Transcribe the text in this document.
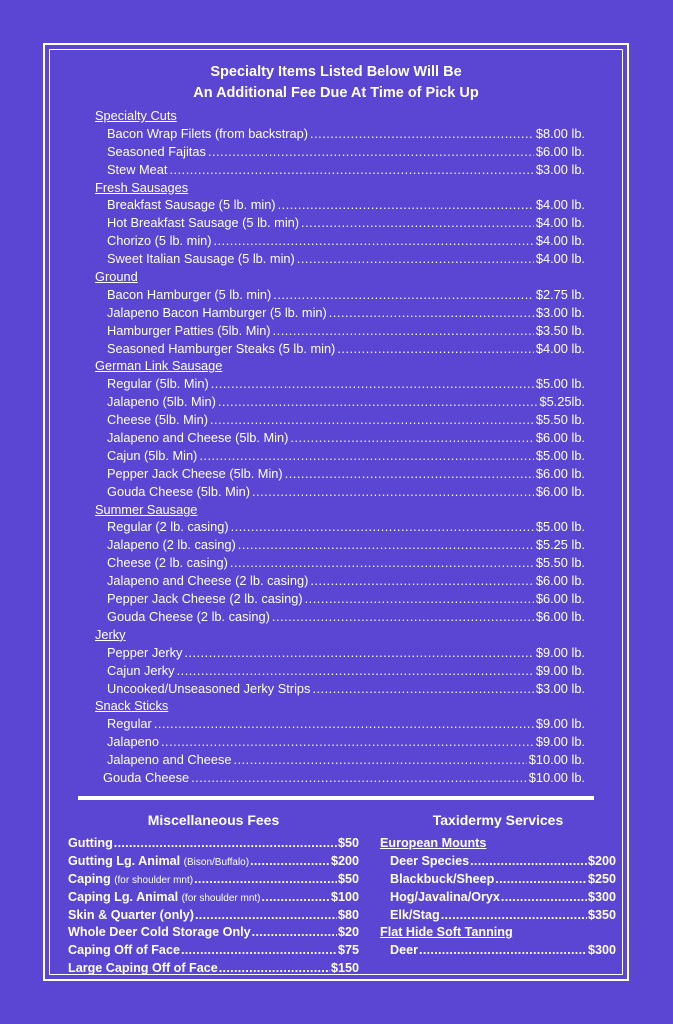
Specialty Items Listed Below Will Be
An Additional Fee Due At Time of Pick Up
Specialty Cuts
Bacon Wrap Filets (from backstrap) .....	$8.00 lb.
Seasoned Fajitas .....	$6.00 lb.
Stew Meat .....	$3.00 lb.
Fresh Sausages
Breakfast Sausage (5 lb. min) .....	$4.00 lb.
Hot Breakfast Sausage (5 lb. min) .....	$4.00 lb.
Chorizo (5 lb. min) .....	$4.00 lb.
Sweet Italian Sausage (5 lb. min) .....	$4.00 lb.
Ground
Bacon Hamburger (5 lb. min) .....	$2.75 lb.
Jalapeno Bacon Hamburger (5 lb. min) .....	$3.00 lb.
Hamburger Patties (5lb. Min) .....	$3.50 lb.
Seasoned Hamburger Steaks (5 lb. min) .....	$4.00 lb.
German Link Sausage
Regular (5lb. Min) .....	$5.00 lb.
Jalapeno (5lb. Min) .....	$5.25lb.
Cheese (5lb. Min) .....	$5.50 lb.
Jalapeno and Cheese (5lb. Min) .....	$6.00 lb.
Cajun (5lb. Min) .....	$5.00 lb.
Pepper Jack Cheese (5lb. Min) .....	$6.00 lb.
Gouda Cheese (5lb. Min) .....	$6.00 lb.
Summer Sausage
Regular (2 lb. casing) .....	$5.00 lb.
Jalapeno (2 lb. casing) .....	$5.25 lb.
Cheese (2 lb. casing) .....	$5.50 lb.
Jalapeno and Cheese (2 lb. casing) .....	$6.00 lb.
Pepper Jack Cheese (2 lb. casing) .....	$6.00 lb.
Gouda Cheese (2 lb. casing) .....	$6.00 lb.
Jerky
Pepper Jerky .....	$9.00 lb.
Cajun Jerky .....	$9.00 lb.
Uncooked/Unseasoned Jerky Strips .....	$3.00 lb.
Snack Sticks
Regular .....	$9.00 lb.
Jalapeno .....	$9.00 lb.
Jalapeno and Cheese .....	$10.00 lb.
Gouda Cheese .....	$10.00 lb.
Miscellaneous Fees
Gutting .....	$50
Gutting Lg. Animal
(Bison/Buffalo) .....	$200
Caping
(for shoulder mnt) .....	$50
Caping Lg. Animal
(for shoulder mnt) .....	$100
Skin & Quarter (only) .....	$80
Whole Deer Cold Storage Only .....	$20
Caping Off of Face .....	$75
Large Caping Off of Face .....	$150
Taxidermy Services
European Mounts
Deer Species .....	$200
Blackbuck/Sheep .....	$250
Hog/Javalina/Oryx .....	$300
Elk/Stag .....	$350
Flat Hide Soft Tanning
Deer .....	$300
